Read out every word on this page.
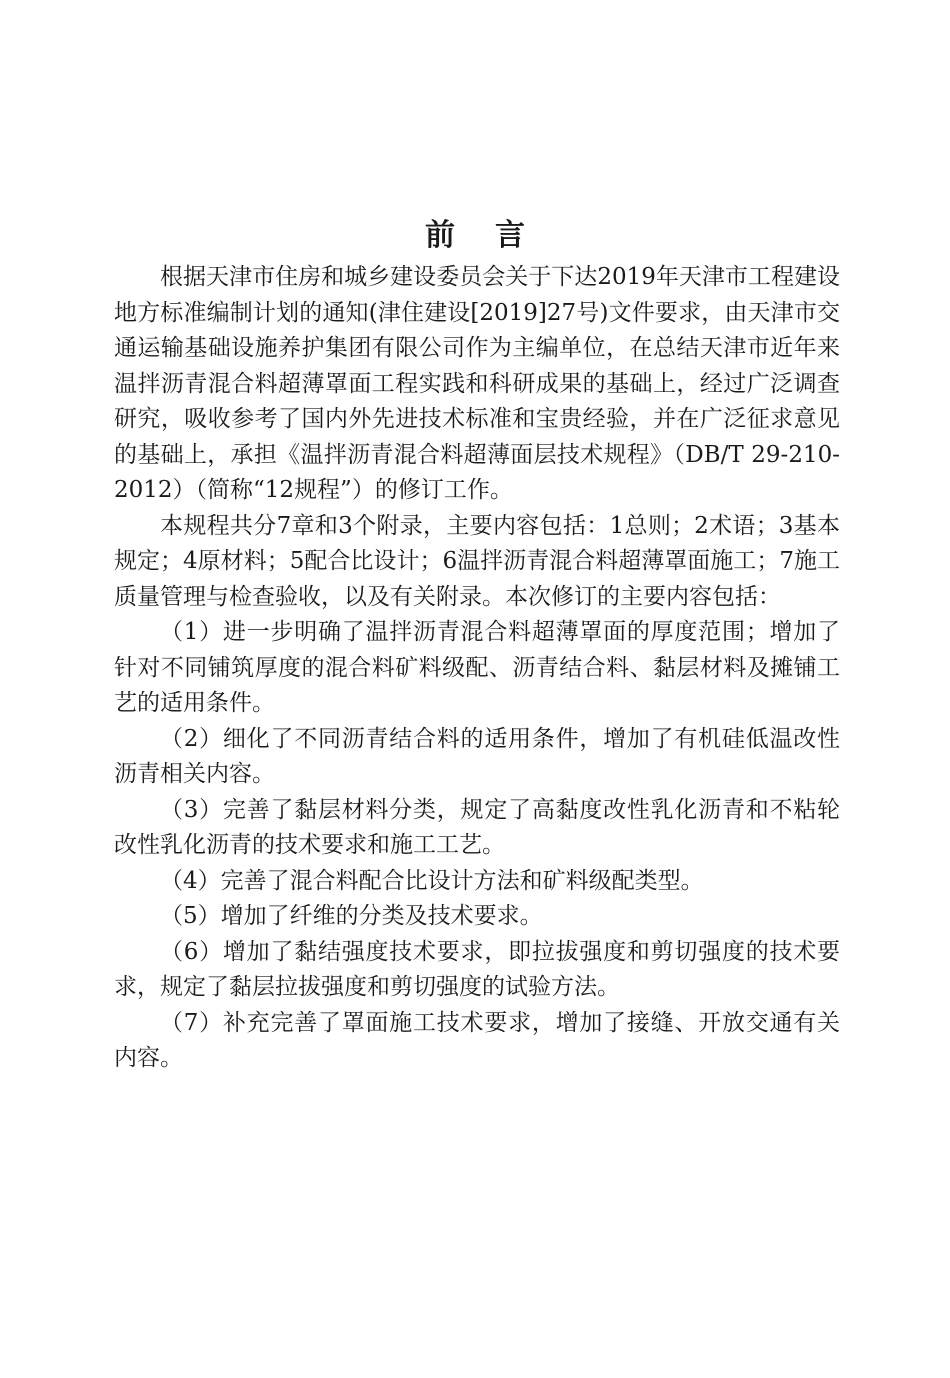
前 言

根据天津市住房和城乡建设委员会关于下达2019年天津市工程建设地方标准编制计划的通知(津住建设[2019]27号)文件要求，由天津市交通运输基础设施养护集团有限公司作为主编单位，在总结天津市近年来温拌沥青混合料超薄罩面工程实践和科研成果的基础上，经过广泛调查研究，吸收参考了国内外先进技术标准和宝贵经验，并在广泛征求意见的基础上，承担《温拌沥青混合料超薄面层技术规程》（DB/T 29-210-2012）（简称“12规程”）的修订工作。

本规程共分7章和3个附录，主要内容包括：1总则；2术语；3基本规定；4原材料；5配合比设计；6温拌沥青混合料超薄罩面施工；7施工质量管理与检查验收，以及有关附录。本次修订的主要内容包括：

（1）进一步明确了温拌沥青混合料超薄罩面的厚度范围；增加了针对不同铺筑厚度的混合料矿料级配、沥青结合料、黏层材料及摊铺工艺的适用条件。

（2）细化了不同沥青结合料的适用条件，增加了有机硅低温改性沥青相关内容。

（3）完善了黏层材料分类，规定了高黏度改性乳化沥青和不粘轮改性乳化沥青的技术要求和施工工艺。

（4）完善了混合料配合比设计方法和矿料级配类型。

（5）增加了纤维的分类及技术要求。

（6）增加了黏结强度技术要求，即拉拔强度和剪切强度的技术要求，规定了黏层拉拔强度和剪切强度的试验方法。

（7）补充完善了罩面施工技术要求，增加了接缝、开放交通有关内容。
